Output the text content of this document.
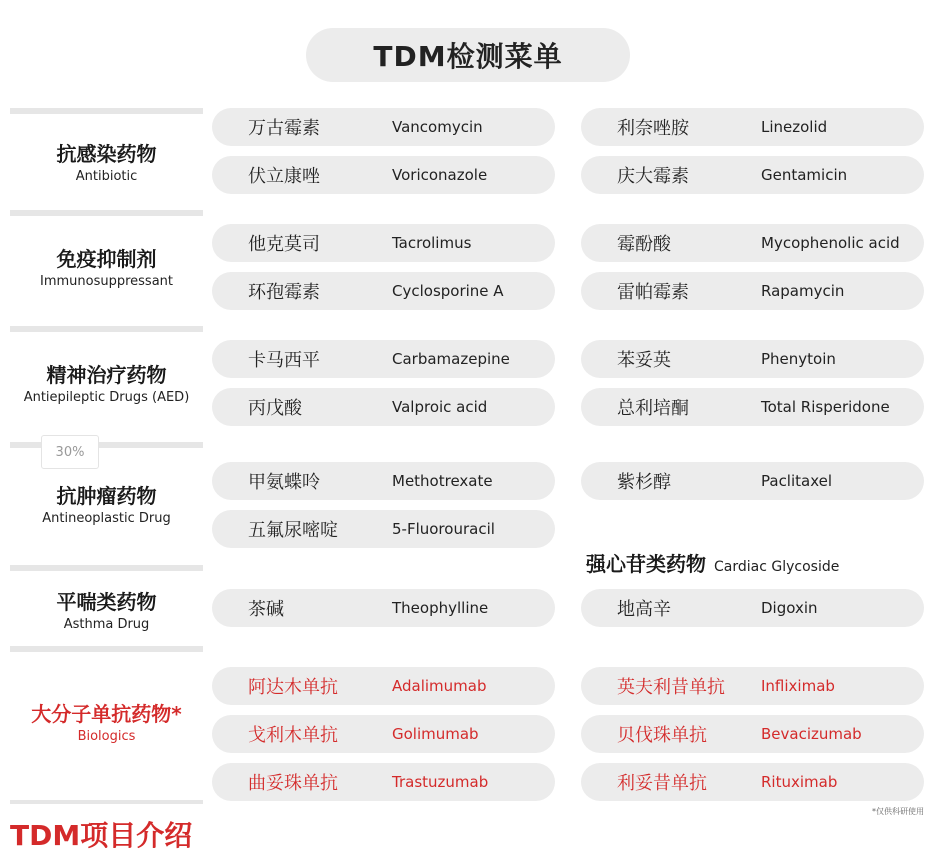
TDM检测菜单
抗感染药物
Antibiotic
免疫抑制剂
Immunosuppressant
精神治疗药物
Antiepileptic Drugs (AED)
抗肿瘤药物
Antineoplastic Drug
平喘类药物
Asthma Drug
大分子单抗药物*
Biologics
30%
万古霉素	Vancomycin	利奈唑胺	Linezolid
伏立康唑	Voriconazole	庆大霉素	Gentamicin
他克莫司	Tacrolimus	霉酚酸	Mycophenolic acid
环孢霉素	Cyclosporine A	雷帕霉素	Rapamycin
卡马西平	Carbamazepine	苯妥英	Phenytoin
丙戊酸	Valproic acid	总利培酮	Total Risperidone
甲氨蝶呤	Methotrexate	紫杉醇	Paclitaxel
五氟尿嘧啶	5-Fluorouracil
强心苷类药物 Cardiac Glycoside
茶碱	Theophylline	地高辛	Digoxin
阿达木单抗	Adalimumab	英夫利昔单抗 Infliximab
戈利木单抗	Golimumab	贝伐珠单抗	Bevacizumab
曲妥珠单抗	Trastuzumab	利妥昔单抗	Rituximab
*仅供科研使用
TDM项目介绍
